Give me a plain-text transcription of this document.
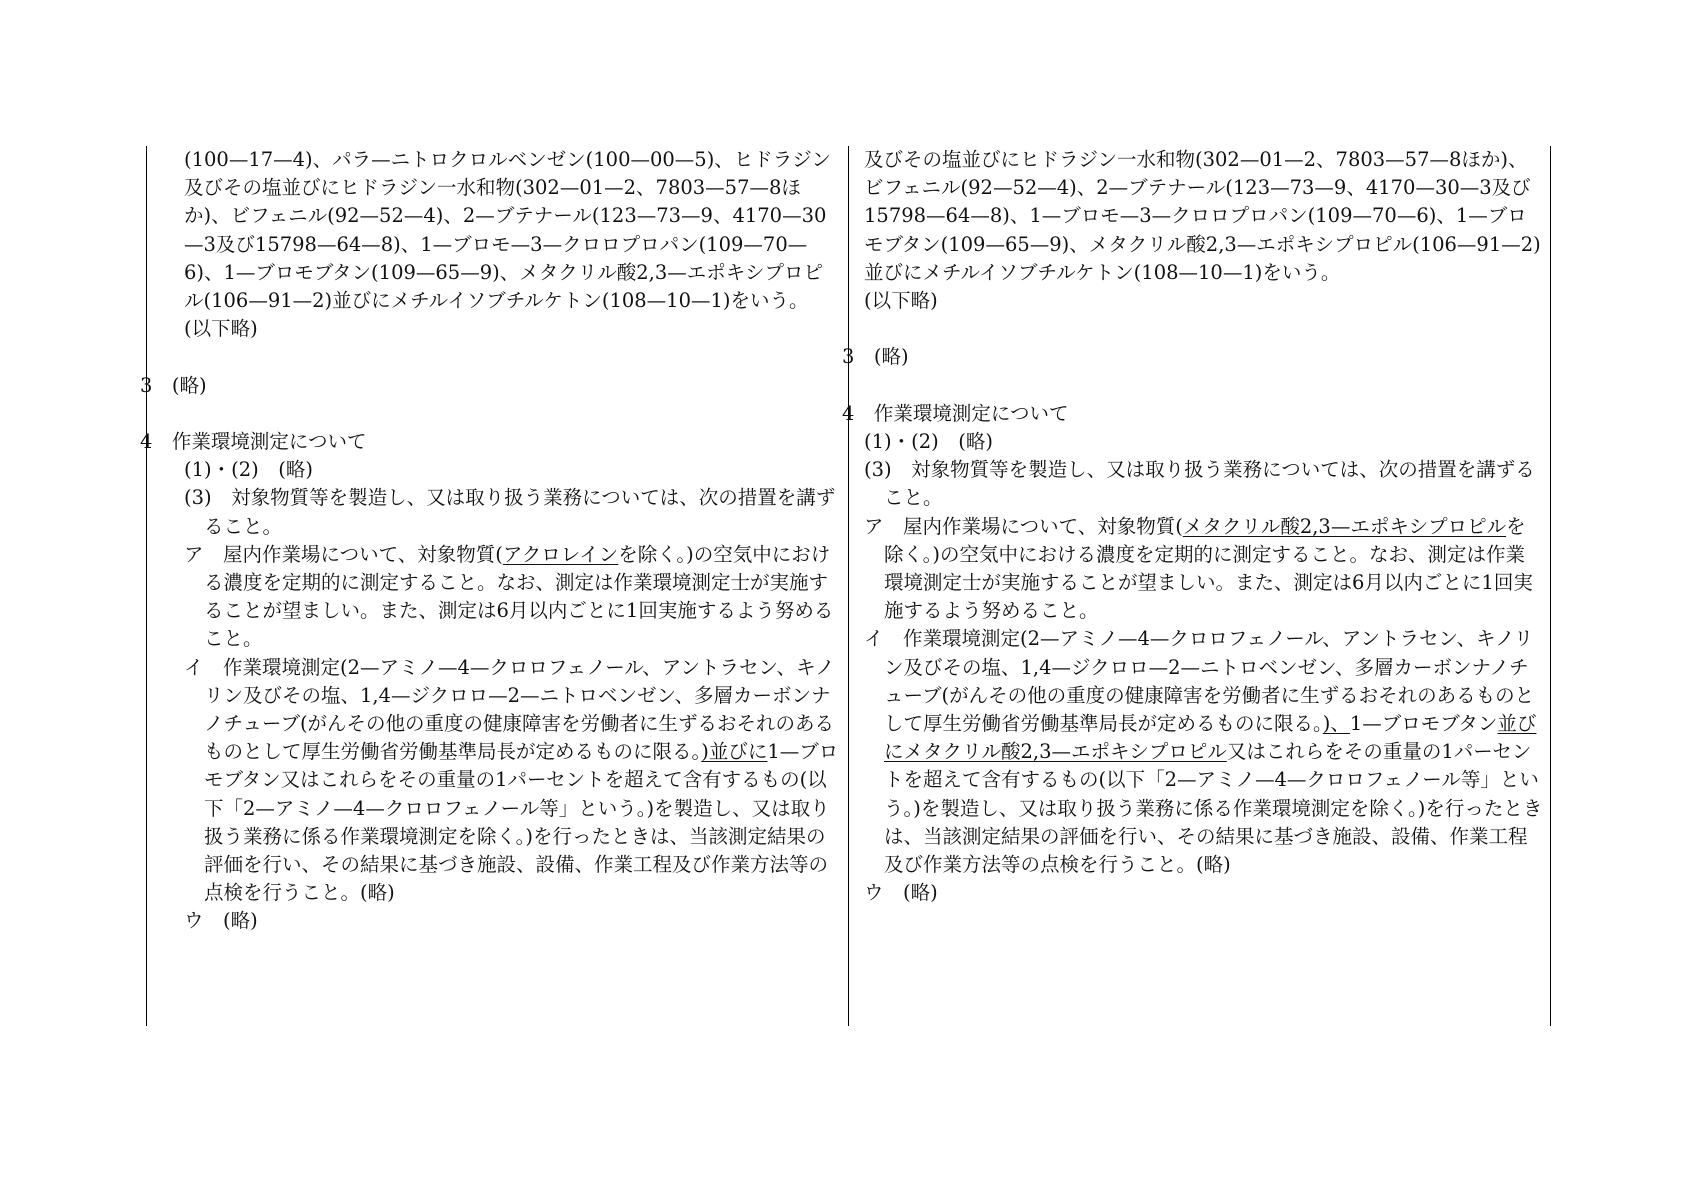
(100—17—4)、パラ—ニトロクロルベンゼン(100—00—5)、ヒドラジン及びその塩並びにヒドラジン一水和物(302—01—2、7803—57—8ほか)、ビフェニル(92—52—4)、2—ブテナール(123—73—9、4170—30—3及び15798—64—8)、1—ブロモ—3—クロロプロパン(109—70—6)、1—ブロモブタン(109—65—9)、メタクリル酸2,3—エポキシプロピル(106—91—2)並びにメチルイソブチルケトン(108—10—1)をいう。

(以下略)

3　(略)

4　作業環境測定について

(1)・(2)　(略)

(3)　対象物質等を製造し、又は取り扱う業務については、次の措置を講ずること。

ア　屋内作業場について、対象物質(アクロレインを除く。)の空気中における濃度を定期的に測定すること。なお、測定は作業環境測定士が実施することが望ましい。また、測定は6月以内ごとに1回実施するよう努めること。

イ　作業環境測定(2—アミノ—4—クロロフェノール、アントラセン、キノリン及びその塩、1,4—ジクロロ—2—ニトロベンゼン、多層カーボンナノチューブ(がんその他の重度の健康障害を労働者に生ずるおそれのあるものとして厚生労働省労働基準局長が定めるものに限る。)並びに1—ブロモブタン又はこれらをその重量の1パーセントを超えて含有するもの(以下「2—アミノ—4—クロロフェノール等」という。)を製造し、又は取り扱う業務に係る作業環境測定を除く。)を行ったときは、当該測定結果の評価を行い、その結果に基づき施設、設備、作業工程及び作業方法等の点検を行うこと。(略)

ウ　(略)

及びその塩並びにヒドラジン一水和物(302—01—2、7803—57—8ほか)、ビフェニル(92—52—4)、2—ブテナール(123—73—9、4170—30—3及び15798—64—8)、1—ブロモ—3—クロロプロパン(109—70—6)、1—ブロモブタン(109—65—9)、メタクリル酸2,3—エポキシプロピル(106—91—2)並びにメチルイソブチルケトン(108—10—1)をいう。

(以下略)

3　(略)

4　作業環境測定について

(1)・(2)　(略)

(3)　対象物質等を製造し、又は取り扱う業務については、次の措置を講ずること。

ア　屋内作業場について、対象物質(メタクリル酸2,3—エポキシプロピルを除く。)の空気中における濃度を定期的に測定すること。なお、測定は作業環境測定士が実施することが望ましい。また、測定は6月以内ごとに1回実施するよう努めること。

イ　作業環境測定(2—アミノ—4—クロロフェノール、アントラセン、キノリン及びその塩、1,4—ジクロロ—2—ニトロベンゼン、多層カーボンナノチューブ(がんその他の重度の健康障害を労働者に生ずるおそれのあるものとして厚生労働省労働基準局長が定めるものに限る。)、1—ブロモブタン並びにメタクリル酸2,3—エポキシプロピル又はこれらをその重量の1パーセントを超えて含有するもの(以下「2—アミノ—4—クロロフェノール等」という。)を製造し、又は取り扱う業務に係る作業環境測定を除く。)を行ったときは、当該測定結果の評価を行い、その結果に基づき施設、設備、作業工程及び作業方法等の点検を行うこと。(略)

ウ　(略)
